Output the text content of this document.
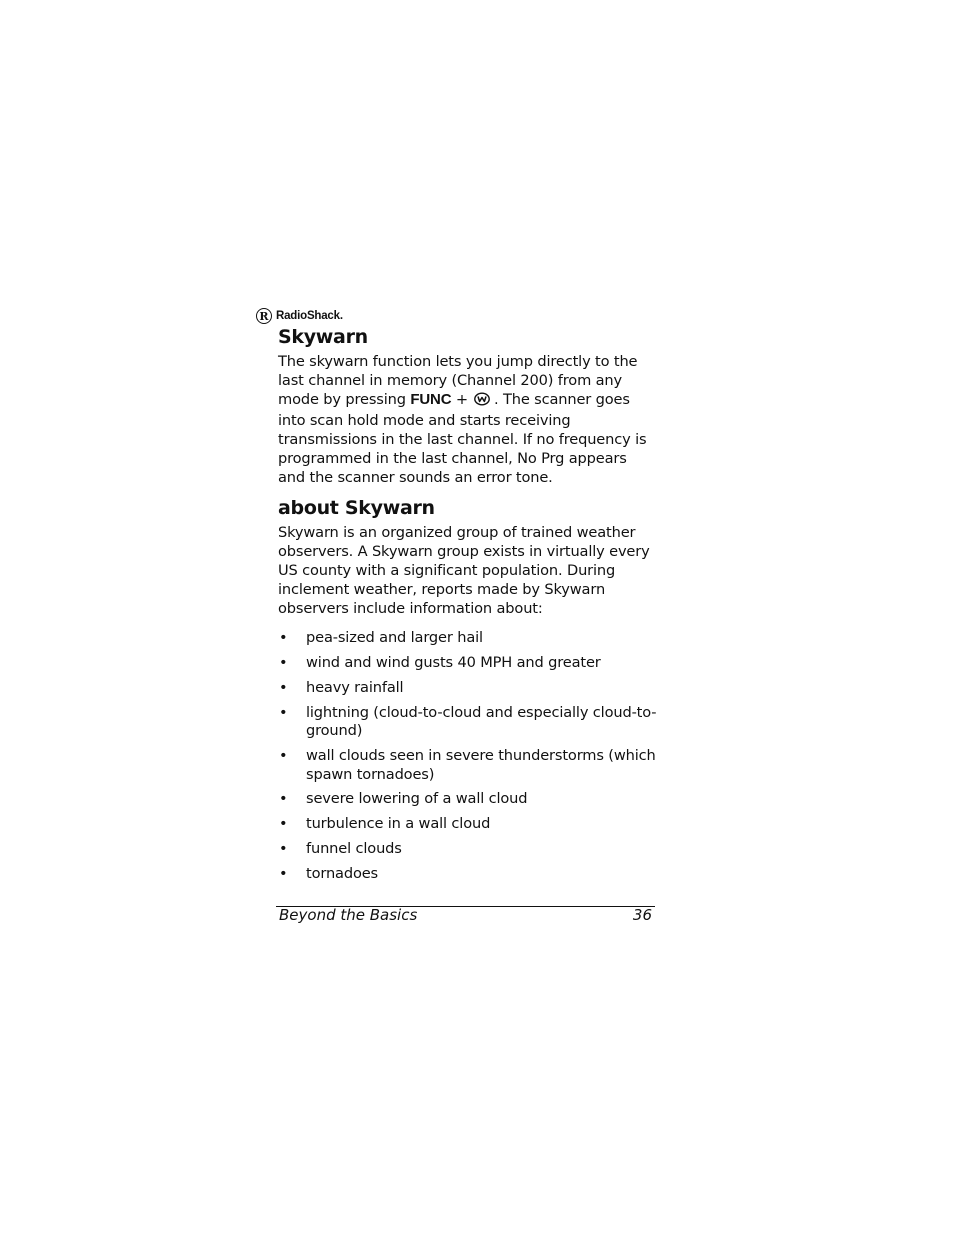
R RadioShack.
Skywarn

The skywarn function lets you jump directly to the last channel in memory (Channel 200) from any mode by pressing FUNC + . The scanner goes into scan hold mode and starts receiving transmissions in the last channel. If no frequency is programmed in the last channel, No Prg appears and the scanner sounds an error tone.

about Skywarn

Skywarn is an organized group of trained weather observers. A Skywarn group exists in virtually every US county with a significant population. During inclement weather, reports made by Skywarn observers include information about:

• pea-sized and larger hail
• wind and wind gusts 40 MPH and greater
• heavy rainfall
• lightning (cloud-to-cloud and especially cloud-to-ground)
• wall clouds seen in severe thunderstorms (which spawn tornadoes)
• severe lowering of a wall cloud
• turbulence in a wall cloud
• funnel clouds
• tornadoes
Beyond the Basics	36
